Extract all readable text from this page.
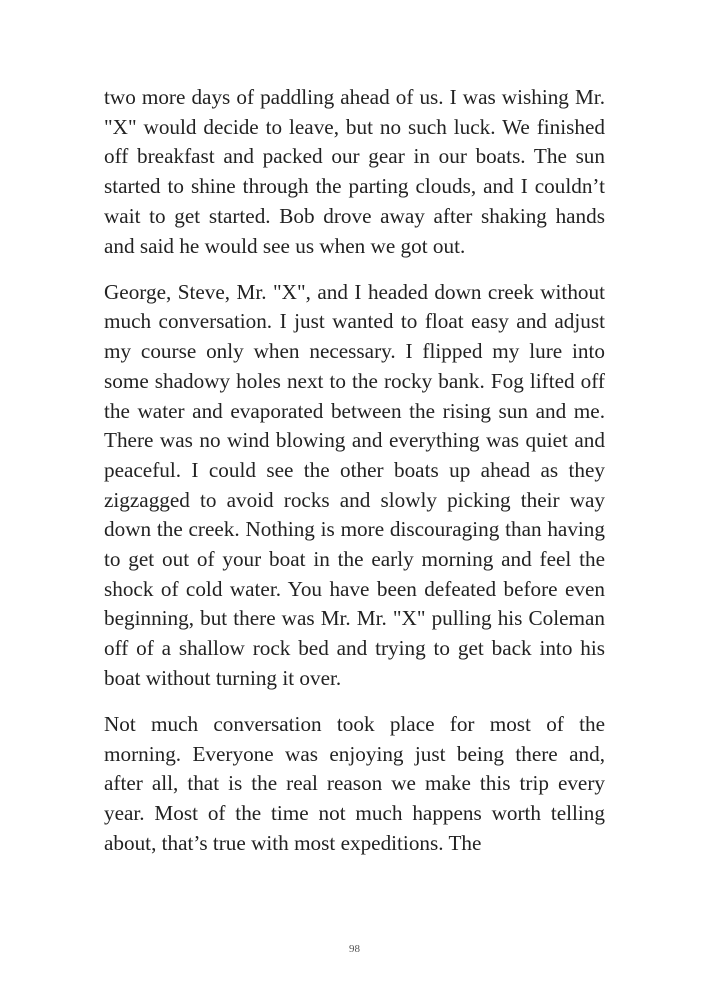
two more days of paddling ahead of us. I was wishing Mr. "X" would decide to leave, but no such luck. We finished off breakfast and packed our gear in our boats. The sun started to shine through the parting clouds, and I couldn’t wait to get started. Bob drove away after shaking hands and said he would see us when we got out.

George, Steve, Mr. "X", and I headed down creek without much conversation. I just wanted to float easy and adjust my course only when necessary. I flipped my lure into some shadowy holes next to the rocky bank. Fog lifted off the water and evaporated between the rising sun and me. There was no wind blowing and everything was quiet and peaceful. I could see the other boats up ahead as they zigzagged to avoid rocks and slowly picking their way down the creek. Nothing is more discouraging than having to get out of your boat in the early morning and feel the shock of cold water. You have been defeated before even beginning, but there was Mr. Mr. "X" pulling his Coleman off of a shallow rock bed and trying to get back into his boat without turning it over.

Not much conversation took place for most of the morning. Everyone was enjoying just being there and, after all, that is the real reason we make this trip every year. Most of the time not much happens worth telling about, that’s true with most expeditions. The

98
